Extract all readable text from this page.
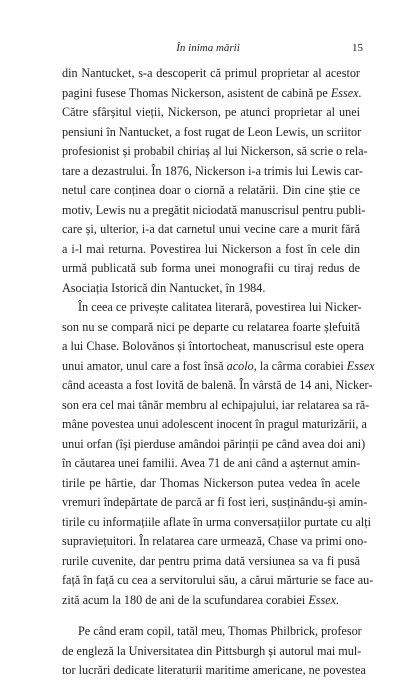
În inima mării	15
din Nantucket, s-a descoperit că primul proprietar al acestor
pagini fusese Thomas Nickerson, asistent de cabină pe Essex.
Către sfârșitul vieții, Nickerson, pe atunci proprietar al unei
pensiuni în Nantucket, a fost rugat de Leon Lewis, un scriitor
profesionist și probabil chiriaș al lui Nickerson, să scrie o rela-
tare a dezastrului. În 1876, Nickerson i-a trimis lui Lewis car-
netul care conținea doar o ciornă a relatării. Din cine știe ce
motiv, Lewis nu a pregătit niciodată manuscrisul pentru publi-
care și, ulterior, i-a dat carnetul unui vecine care a murit fără
a i-l mai returna. Povestirea lui Nickerson a fost în cele din
urmă publicată sub forma unei monografii cu tiraj redus de
Asociația Istorică din Nantucket, în 1984.
În ceea ce privește calitatea literară, povestirea lui Nicker-
son nu se compară nici pe departe cu relatarea foarte șlefuită
a lui Chase. Bolovănos și întortocheat, manuscrisul este opera
unui amator, unul care a fost însă acolo, la cârma corabiei Essex
când aceasta a fost lovită de balenă. În vârstă de 14 ani, Nicker-
son era cel mai tânăr membru al echipajului, iar relatarea sa ră-
mâne povestea unui adolescent inocent în pragul maturizării, a
unui orfan (își pierduse amândoi părinții pe când avea doi ani)
în căutarea unei familii. Avea 71 de ani când a așternut amin-
tirile pe hârtie, dar Thomas Nickerson putea vedea în acele
vremuri îndepărtate de parcă ar fi fost ieri, susținându-și amin-
tirile cu informațiile aflate în urma conversațiilor purtate cu alți
supraviețuitori. În relatarea care urmează, Chase va primi ono-
rurile cuvenite, dar pentru prima dată versiunea sa va fi pusă
față în față cu cea a servitorului său, a cărui mărturie se face au-
zită acum la 180 de ani de la scufundarea corabiei Essex.
Pe când eram copil, tatăl meu, Thomas Philbrick, profesor
de engleză la Universitatea din Pittsburgh și autorul mai mul-
tor lucrări dedicate literaturii maritime americane, ne povestea
